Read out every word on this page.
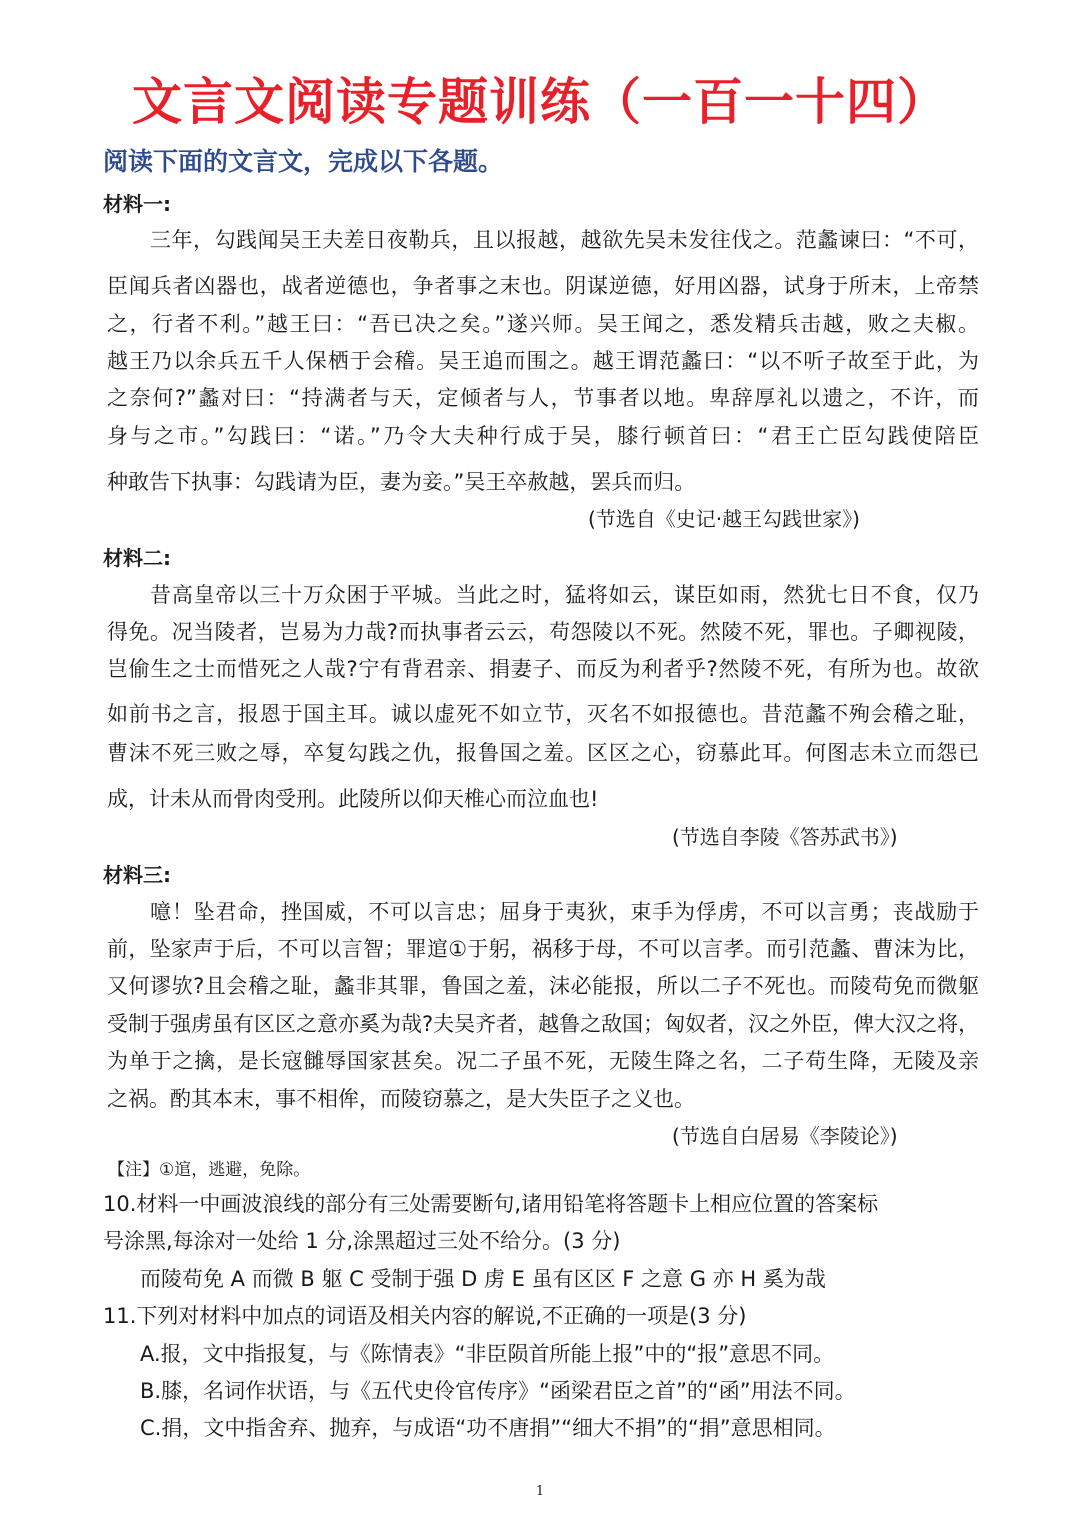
文言文阅读专题训练（一百一十四）
阅读下面的文言文，完成以下各题。
材料一:
三年，勾践闻吴王夫差日夜勒兵，且以报越，越欲先吴未发往伐之。范蠡谏曰：“不可，
臣闻兵者凶器也，战者逆德也，争者事之末也。阴谋逆德，好用凶器，试身于所末，上帝禁
之，行者不利。”越王曰：“吾已决之矣。”遂兴师。吴王闻之，悉发精兵击越，败之夫椒。
越王乃以余兵五千人保栖于会稽。吴王追而围之。越王谓范蠡曰：“以不听子故至于此，为
之奈何?”蠡对曰：“持满者与天，定倾者与人，节事者以地。卑辞厚礼以遗之，不许，而
身与之市。”勾践曰：“诺。”乃令大夫种行成于吴，膝行顿首曰：“君王亡臣勾践使陪臣
种敢告下执事：勾践请为臣，妻为妾。”吴王卒赦越，罢兵而归。
(节选自《史记·越王勾践世家》)
材料二:
昔高皇帝以三十万众困于平城。当此之时，猛将如云，谋臣如雨，然犹七日不食，仅乃
得免。况当陵者，岂易为力哉?而执事者云云，苟怨陵以不死。然陵不死，罪也。子卿视陵，
岂偷生之士而惜死之人哉?宁有背君亲、捐妻子、而反为利者乎?然陵不死，有所为也。故欲
如前书之言，报恩于国主耳。诚以虚死不如立节，灭名不如报德也。昔范蠡不殉会稽之耻，
曹沫不死三败之辱，卒复勾践之仇，报鲁国之羞。区区之心，窃慕此耳。何图志未立而怨已
成，计未从而骨肉受刑。此陵所以仰天椎心而泣血也!
(节选自李陵《答苏武书》)
材料三:
噫！坠君命，挫国威，不可以言忠；屈身于夷狄，束手为俘虏，不可以言勇；丧战励于
前，坠家声于后，不可以言智；罪逭①于躬，祸移于母，不可以言孝。而引范蠡、曹沫为比，
又何谬欤?且会稽之耻，蠡非其罪，鲁国之羞，沫必能报，所以二子不死也。而陵苟免而微躯
受制于强虏虽有区区之意亦奚为哉?夫吴齐者，越鲁之敌国；匈奴者，汉之外臣，俾大汉之将，
为单于之擒，是长寇雠辱国家甚矣。况二子虽不死，无陵生降之名，二子苟生降，无陵及亲
之祸。酌其本末，事不相侔，而陵窃慕之，是大失臣子之义也。
(节选自白居易《李陵论》)
【注】①逭，逃避，免除。
10.材料一中画波浪线的部分有三处需要断句,诸用铅笔将答题卡上相应位置的答案标
号涂黑,每涂对一处给 1 分,涂黑超过三处不给分。(3 分)
而陵苟免 A 而微 B 躯 C 受制于强 D 虏 E 虽有区区 F 之意 G 亦 H 奚为哉
11.下列对材料中加点的词语及相关内容的解说,不正确的一项是(3 分)
A.报，文中指报复，与《陈情表》“非臣陨首所能上报”中的“报”意思不同。
B.膝，名词作状语，与《五代史伶官传序》“函梁君臣之首”的“函”用法不同。
C.捐，文中指舍弃、抛弃，与成语“功不唐捐”“细大不捐”的“捐”意思相同。
1
